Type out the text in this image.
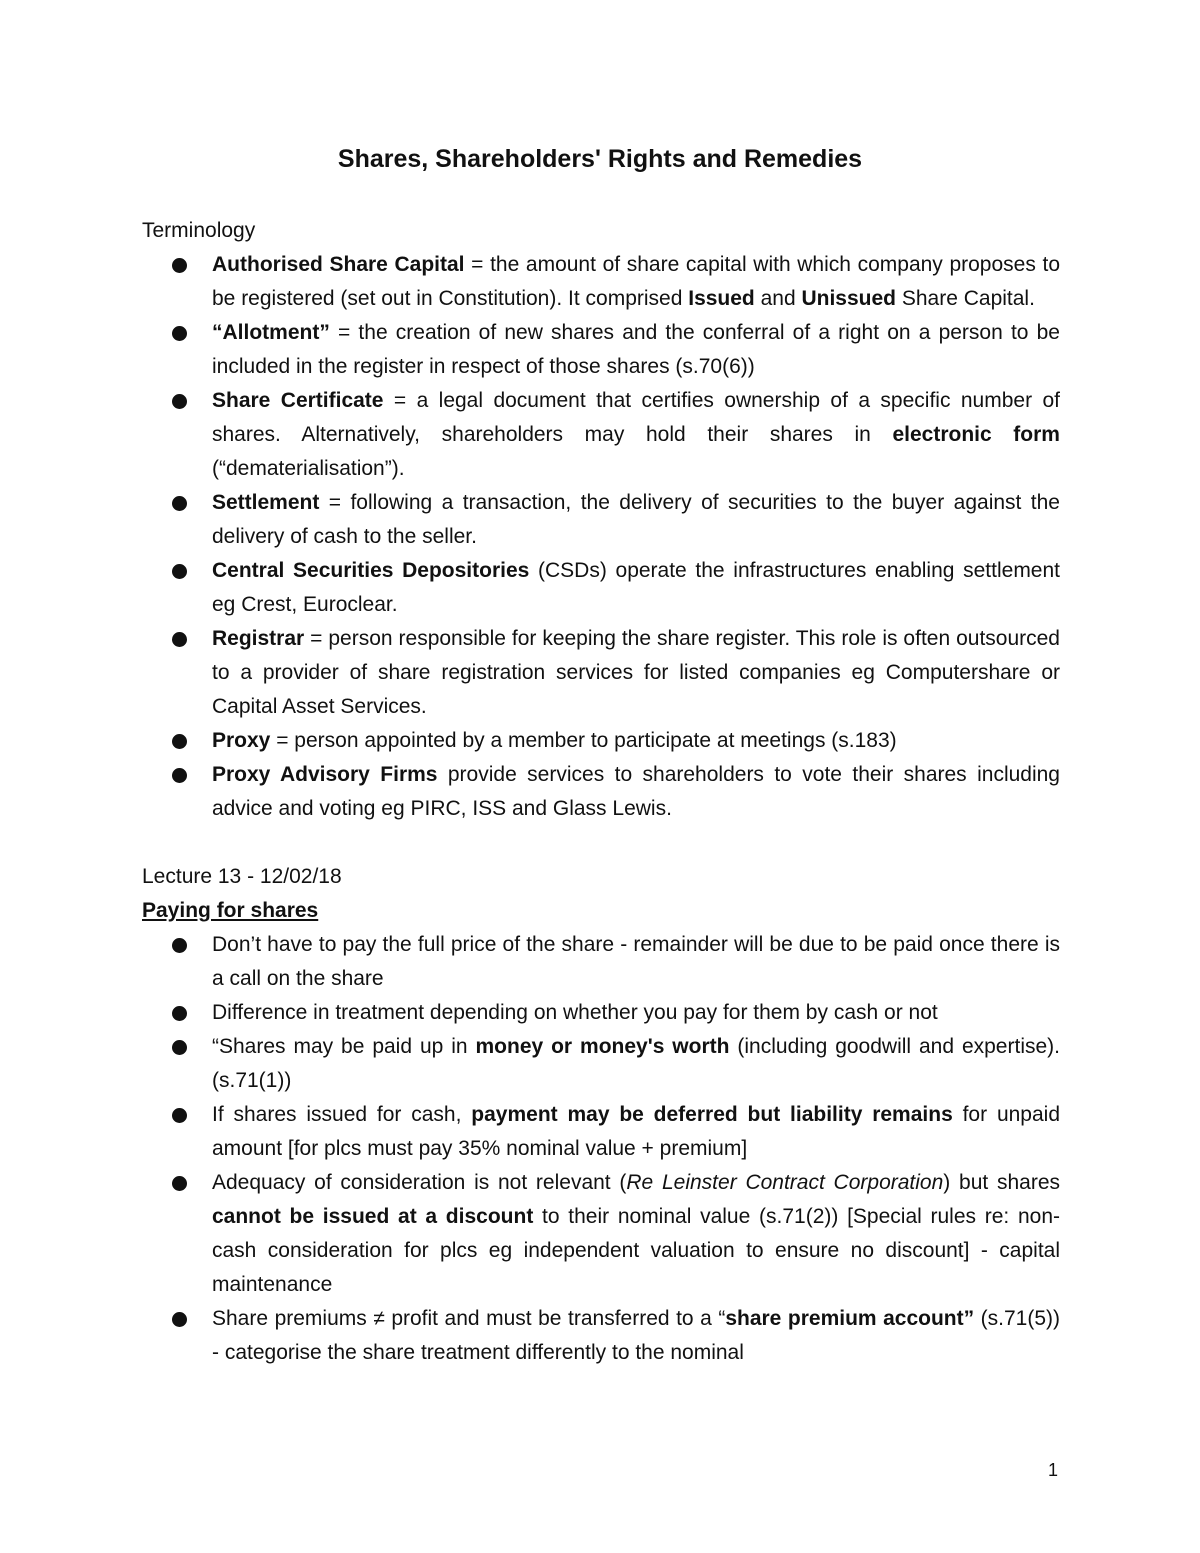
Shares, Shareholders' Rights and Remedies

Terminology

Authorised Share Capital = the amount of share capital with which company proposes to be registered (set out in Constitution). It comprised Issued and Unissued Share Capital.
“Allotment” = the creation of new shares and the conferral of a right on a person to be included in the register in respect of those shares (s.70(6))
Share Certificate = a legal document that certifies ownership of a specific number of shares. Alternatively, shareholders may hold their shares in electronic form (“dematerialisation”).
Settlement = following a transaction, the delivery of securities to the buyer against the delivery of cash to the seller.
Central Securities Depositories (CSDs) operate the infrastructures enabling settlement eg Crest, Euroclear.
Registrar = person responsible for keeping the share register. This role is often outsourced to a provider of share registration services for listed companies eg Computershare or Capital Asset Services.
Proxy = person appointed by a member to participate at meetings (s.183)
Proxy Advisory Firms provide services to shareholders to vote their shares including advice and voting eg PIRC, ISS and Glass Lewis.

Lecture 13 - 12/02/18

Paying for shares

Don’t have to pay the full price of the share - remainder will be due to be paid once there is a call on the share
Difference in treatment depending on whether you pay for them by cash or not
“Shares may be paid up in money or money's worth (including goodwill and expertise).(s.71(1))
If shares issued for cash, payment may be deferred but liability remains for unpaid amount [for plcs must pay 35% nominal value + premium]
Adequacy of consideration is not relevant (Re Leinster Contract Corporation) but shares cannot be issued at a discount to their nominal value (s.71(2)) [Special rules re: non-cash consideration for plcs eg independent valuation to ensure no discount] - capital maintenance
Share premiums ≠ profit and must be transferred to a “share premium account” (s.71(5)) - categorise the share treatment differently to the nominal
1
